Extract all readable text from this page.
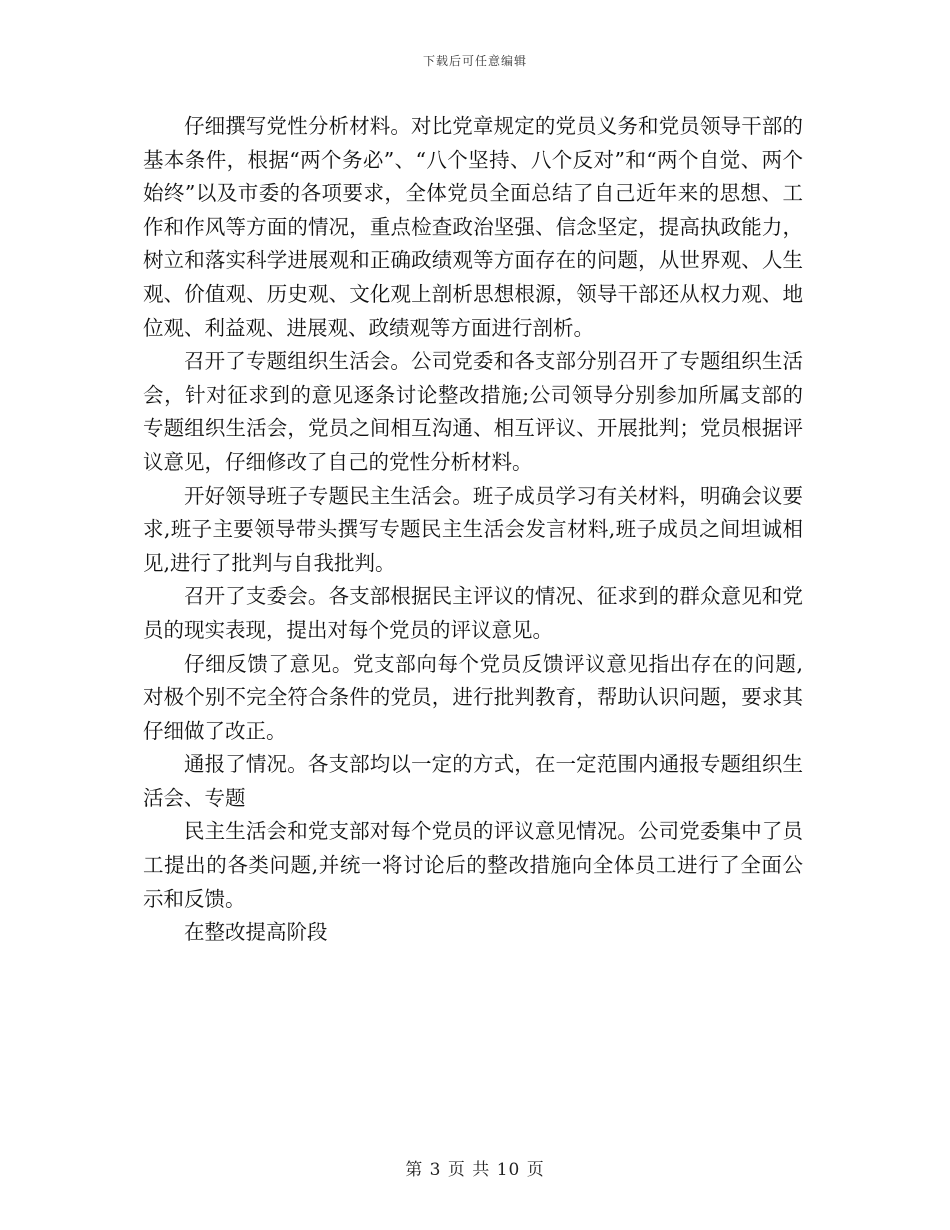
下载后可任意编辑

仔细撰写党性分析材料。对比党章规定的党员义务和党员领导干部的基本条件，根据“两个务必”、“八个坚持、八个反对”和“两个自觉、两个始终”以及市委的各项要求，全体党员全面总结了自己近年来的思想、工作和作风等方面的情况，重点检查政治坚强、信念坚定，提高执政能力，树立和落实科学进展观和正确政绩观等方面存在的问题，从世界观、人生观、价值观、历史观、文化观上剖析思想根源，领导干部还从权力观、地位观、利益观、进展观、政绩观等方面进行剖析。

召开了专题组织生活会。公司党委和各支部分别召开了专题组织生活会，针对征求到的意见逐条讨论整改措施;公司领导分别参加所属支部的专题组织生活会，党员之间相互沟通、相互评议、开展批判；党员根据评议意见，仔细修改了自己的党性分析材料。

开好领导班子专题民主生活会。班子成员学习有关材料，明确会议要求,班子主要领导带头撰写专题民主生活会发言材料,班子成员之间坦诚相见,进行了批判与自我批判。

召开了支委会。各支部根据民主评议的情况、征求到的群众意见和党员的现实表现，提出对每个党员的评议意见。

仔细反馈了意见。党支部向每个党员反馈评议意见指出存在的问题,对极个别不完全符合条件的党员，进行批判教育，帮助认识问题，要求其仔细做了改正。

通报了情况。各支部均以一定的方式，在一定范围内通报专题组织生活会、专题

民主生活会和党支部对每个党员的评议意见情况。公司党委集中了员工提出的各类问题,并统一将讨论后的整改措施向全体员工进行了全面公示和反馈。

在整改提高阶段

第 3 页 共 10 页
